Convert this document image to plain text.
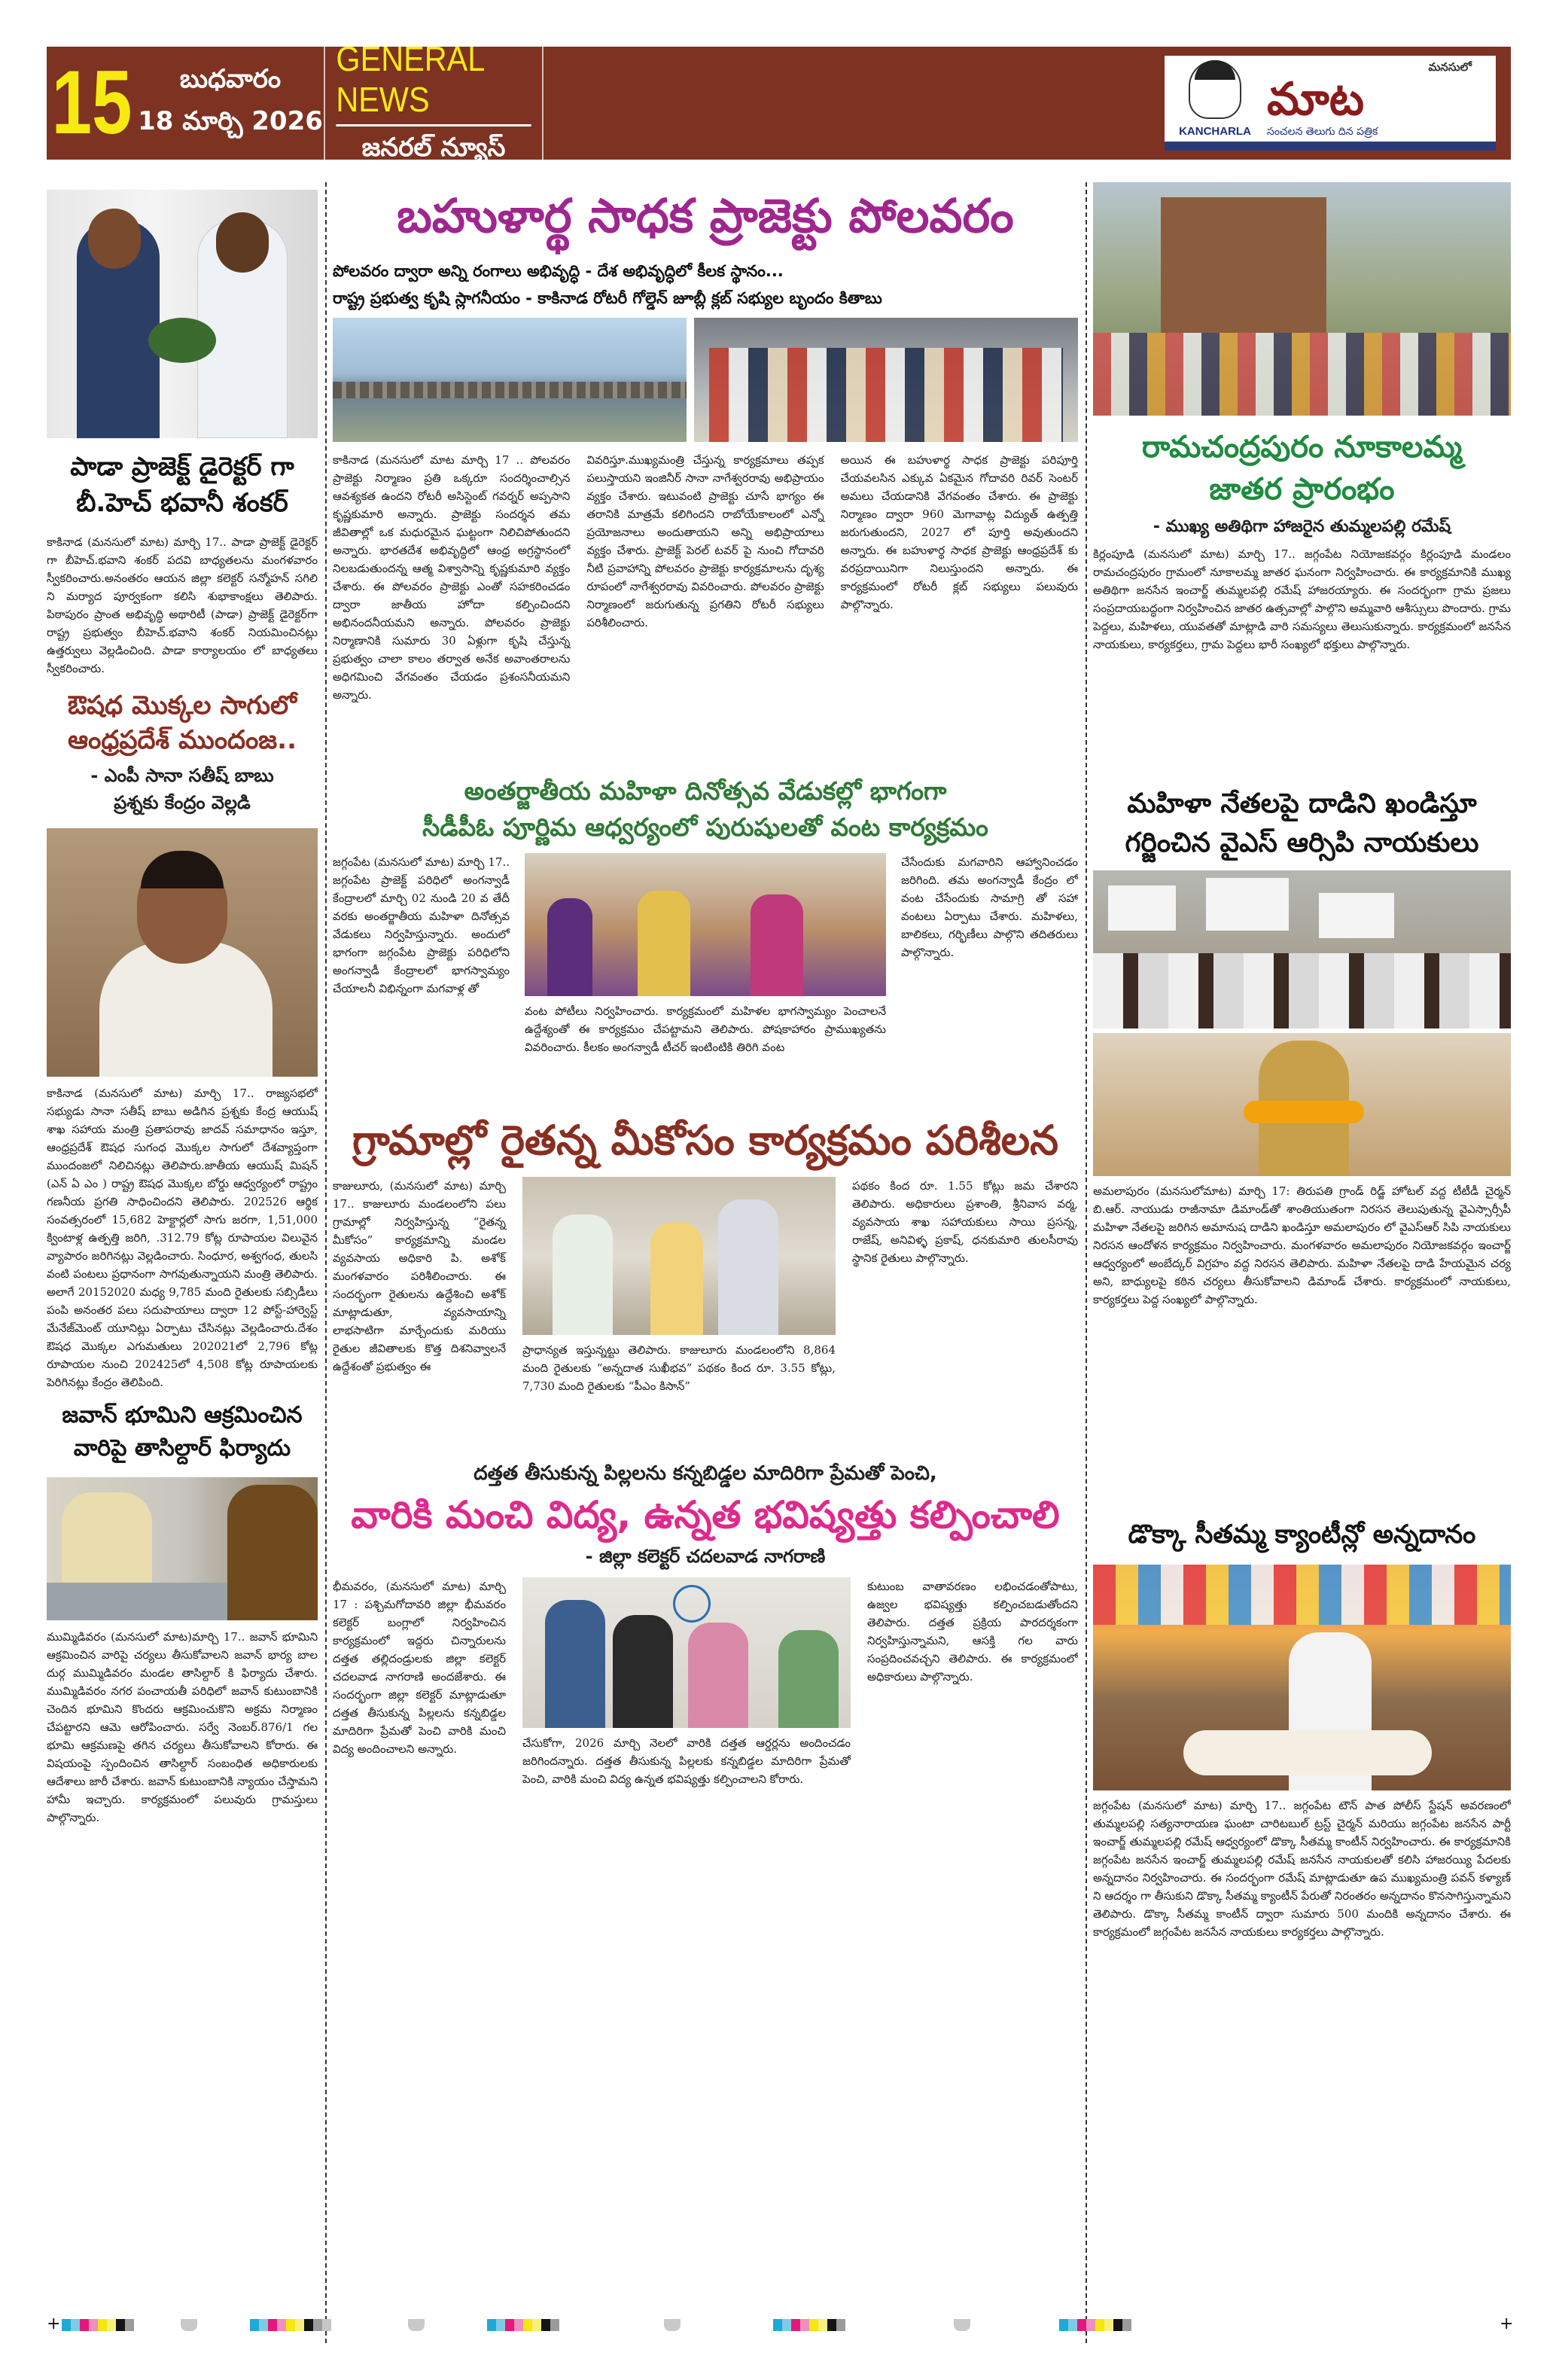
15 బుధవారం
18 మార్చి 2026
GENERAL NEWS
జనరల్ న్యూస్
KANCHARLA
మనసులో
మాట
సంచలన తెలుగు దిన పత్రిక
పాడా ప్రాజెక్ట్ డైరెక్టర్ గా
బీ.హెచ్ భవానీ శంకర్

కాకినాడ (మనసులో మాట) మార్చి 17.. పాడా ప్రాజెక్ట్ డైరెక్టర్ గా బీహెచ్.భవాని శంకర్ పదవి బాధ్యతలను మంగళవారం స్వీకరించారు.అనంతరం ఆయన జిల్లా కలెక్టర్ సన్మోహన్ సగిలి ని మర్యాద పూర్వకంగా కలిసి శుభాకాంక్షలు తెలిపారు. పిఠాపురం ప్రాంత అభివృద్ధి అథారిటీ (పాడా) ప్రాజెక్ట్ డైరెక్టర్‌గా రాష్ట్ర ప్రభుత్వం బీహెచ్.భవాని శంకర్ నియమించినట్లు ఉత్తర్వులు వెల్లడించింది. పాడా కార్యాలయం లో బాధ్యతలు స్వీకరించారు.

ఔషధ మొక్కల సాగులో
ఆంధ్రప్రదేశ్ ముందంజ..
- ఎంపీ సానా సతీష్ బాబు
ప్రశ్నకు కేంద్రం వెల్లడి

కాకినాడ (మనసులో మాట) మార్చి 17.. రాజ్యసభలో సభ్యుడు సానా సతీష్ బాబు అడిగిన ప్రశ్నకు కేంద్ర ఆయుష్ శాఖ సహాయ మంత్రి ప్రతాపరావు జాదవ్ సమాధానం ఇస్తూ, ఆంధ్రప్రదేశ్ ఔషధ సుగంధ మొక్కల సాగులో దేశవ్యాప్తంగా ముందంజలో నిలిచినట్లు తెలిపారు.జాతీయ ఆయుష్ మిషన్ (ఎన్ ఏ ఎం ) రాష్ట్ర ఔషధ మొక్కల బోర్డు ఆధ్వర్యంలో రాష్ట్రం గణనీయ ప్రగతి సాధించిందని తెలిపారు. 202526 ఆర్థిక సంవత్సరంలో 15,682 హెక్టార్లలో సాగు జరగా, 1,51,000 క్వింటాళ్ల ఉత్పత్తి జరిగి, .312.79 కోట్ల రూపాయల విలువైన వ్యాపారం జరిగినట్లు వెల్లడించారు. సింధూర, అశ్వగంధ, తులసి వంటి పంటలు ప్రధానంగా సాగవుతున్నాయని మంత్రి తెలిపారు. అలాగే 20152020 మధ్య 9,785 మంది రైతులకు సబ్సిడీలు పంపి అనంతర పలు సదుపాయాలు ద్వారా 12 పోస్ట్-హార్వెస్ట్ మేనేజ్‌మెంట్ యూనిట్లు ఏర్పాటు చేసినట్లు వెల్లడించారు.దేశం ఔషధ మొక్కల ఎగుమతులు 202021లో 2,796 కోట్ల రూపాయల నుంచి 202425లో 4,508 కోట్ల రూపాయలకు పెరిగినట్లు కేంద్రం తెలిపింది.

జవాన్ భూమిని ఆక్రమించిన
వారిపై తాసిల్దార్ ఫిర్యాదు

ముమ్మిడివరం (మనసులో మాట)మార్చి 17.. జవాన్ భూమిని ఆక్రమించిన వారిపై చర్యలు తీసుకోవాలని జవాన్ భార్య బాల దుర్గ ముమ్మిడివరం మండల తాసిల్దార్ కి ఫిర్యాదు చేశారు. ముమ్మిడివరం నగర పంచాయతీ పరిధిలో జవాన్ కుటుంబానికి చెందిన భూమిని కొందరు ఆక్రమించుకొని అక్రమ నిర్మాణం చేపట్టారని ఆమె ఆరోపించారు. సర్వే నెంబర్.876/1 గల భూమి ఆక్రమణపై తగిన చర్యలు తీసుకోవాలని కోరారు. ఈ విషయంపై స్పందించిన తాసిల్దార్ సంబంధిత అధికారులకు ఆదేశాలు జారీ చేశారు. జవాన్ కుటుంబానికి న్యాయం చేస్తామని హామీ ఇచ్చారు. కార్యక్రమంలో పలువురు గ్రామస్తులు పాల్గొన్నారు.

బహుళార్థ సాధక ప్రాజెక్టు పోలవరం
పోలవరం ద్వారా అన్ని రంగాలు అభివృద్ధి - దేశ అభివృద్ధిలో కీలక స్థానం...
రాష్ట్ర ప్రభుత్వ కృషి స్లాగనీయం - కాకినాడ రోటరీ గోల్డెన్ జూబ్లీ క్లబ్ సభ్యుల బృందం కితాబు

కాకినాడ (మనసులో మాట మార్చి 17 .. పోలవరం ప్రాజెక్టు నిర్మాణం ప్రతి ఒక్కరూ సందర్శించాల్సిన ఆవశ్యకత ఉందని రోటరీ అసిస్టెంట్ గవర్నర్ అప్పసాని కృష్ణకుమారి అన్నారు. ప్రాజెక్టు సందర్శన తమ జీవితాల్లో ఒక మధురమైన ఘట్టంగా నిలిచిపోతుందని అన్నారు. భారతదేశ అభివృద్ధిలో ఆంధ్ర అగ్రస్థానంలో నిలబడుతుందన్న ఆత్మ విశ్వాసాన్ని కృష్ణకుమారి వ్యక్తం చేశారు. ఈ పోలవరం ప్రాజెక్టు ఎంతో సహకరించడం ద్వారా జాతీయ హోదా కల్పించిందని అభినందనీయమని అన్నారు. పోలవరం ప్రాజెక్టు నిర్మాణానికి సుమారు 30 ఏళ్లుగా కృషి చేస్తున్న ప్రభుత్వం చాలా కాలం తర్వాత అనేక అవాంతరాలను అధిగమించి వేగవంతం చేయడం ప్రశంసనీయమని అన్నారు.

వివరిస్తూ.ముఖ్యమంత్రి చేస్తున్న కార్యక్రమాలు తప్పక పలుస్తాయని ఇంజినీర్ సానా నాగేశ్వరరావు అభిప్రాయం వ్యక్తం చేశారు. ఇటువంటి ప్రాజెక్టు చూసే భాగ్యం ఈ తరానికి మాత్రమే కలిగిందని రాబోయేకాలంలో ఎన్నో ప్రయోజనాలు అందుతాయని అన్ని అభిప్రాయాలు వ్యక్తం చేశారు. ప్రాజెక్ట్ పెరల్ టవర్ పై నుంచి గోదావరి నీటి ప్రవాహాన్ని పోలవరం ప్రాజెక్టు కార్యక్రమాలను దృశ్య రూపంలో నాగేశ్వరరావు వివరించారు. పోలవరం ప్రాజెక్టు నిర్మాణంలో జరుగుతున్న ప్రగతిని రోటరీ సభ్యులు పరిశీలించారు.

అయిన ఈ బహుళార్థ సాధక ప్రాజెక్టు పరిపూర్తి చేయవలసిన ఎక్కువ ఏకమైన గోదావరి రివర్ సెంటర్ అమలు చేయడానికి వేగవంతం చేశారు. ఈ ప్రాజెక్టు నిర్మాణం ద్వారా 960 మెగావాట్ల విద్యుత్ ఉత్పత్తి జరుగుతుందని, 2027 లో పూర్తి అవుతుందని అన్నారు. ఈ బహుళార్థ సాధక ప్రాజెక్టు ఆంధ్రప్రదేశ్ కు వరప్రదాయినిగా నిలుస్తుందని అన్నారు. ఈ కార్యక్రమంలో రోటరీ క్లబ్ సభ్యులు పలువురు పాల్గొన్నారు.

అంతర్జాతీయ మహిళా దినోత్సవ వేడుకల్లో భాగంగా
సీడీపీఓ పూర్ణిమ ఆధ్వర్యంలో పురుషులతో వంట కార్యక్రమం

జగ్గంపేట (మనసులో మాట) మార్చి 17.. జగ్గంపేట ప్రాజెక్ట్ పరిధిలో అంగన్వాడీ కేంద్రాలలో మార్చి 02 నుండి 20 వ తేదీ వరకు అంతర్జాతీయ మహిళా దినోత్సవ వేడుకలు నిర్వహిస్తున్నారు. అందులో భాగంగా జగ్గంపేట ప్రాజెక్టు పరిధిలోని అంగన్వాడీ కేంద్రాలలో భాగస్వామ్యం చేయాలనీ విభిన్నంగా మగవాళ్ల తో

వంట పోటీలు నిర్వహించారు. కార్యక్రమంలో మహిళల భాగస్వామ్యం పెంచాలనే ఉద్దేశ్యంతో ఈ కార్యక్రమం చేపట్టామని తెలిపారు. పోషకాహారం ప్రాముఖ్యతను వివరించారు. కీలకం అంగన్వాడీ టీచర్ ఇంటింటికి తిరిగి వంట

చేసేందుకు మగవారిని ఆహ్వానించడం జరిగింది. తమ అంగన్వాడీ కేంద్రం లో వంట చేసేందుకు సామాగ్రి తో సహా వంటలు ఏర్పాటు చేశారు. మహిళలు, బాలికలు, గర్భిణీలు పాల్గొని తదితరులు పాల్గొన్నారు.

గ్రామాల్లో రైతన్న మీకోసం కార్యక్రమం పరిశీలన

కాజులూరు, (మనసులో మాట) మార్చి 17.. కాజులూరు మండలంలోని పలు గ్రామాల్లో నిర్వహిస్తున్న “రైతన్న మీకోసం” కార్యక్రమాన్ని మండల వ్యవసాయ అధికారి పి. అశోక్ మంగళవారం పరిశీలించారు. ఈ సందర్భంగా రైతులను ఉద్దేశించి అశోక్ మాట్లాడుతూ, వ్యవసాయాన్ని లాభసాటిగా మార్చేందుకు మరియు రైతుల జీవితాలకు కొత్త దిశనివ్వాలనే ఉద్దేశంతో ప్రభుత్వం ఈ

ప్రాధాన్యత ఇస్తున్నట్టు తెలిపారు. కాజులూరు మండలంలోని 8,864 మంది రైతులకు “అన్నదాత సుఖీభవ” పథకం కింద రూ. 3.55 కోట్లు, 7,730 మంది రైతులకు “పీఎం కిసాన్”

పథకం కింద రూ. 1.55 కోట్లు జమ చేశారని తెలిపారు. అధికారులు ప్రశాంతి, శ్రీనివాస వర్మ, వ్యవసాయ శాఖ సహాయకులు సాయి ప్రసన్న, రాజేష్, అనివిళ్ళ ప్రకాష్, ధనకుమారి తులసీరావు స్థానిక రైతులు పాల్గొన్నారు.

దత్తత తీసుకున్న పిల్లలను కన్నబిడ్డల మాదిరిగా ప్రేమతో పెంచి,
వారికి మంచి విద్య, ఉన్నత భవిష్యత్తు కల్పించాలి
- జిల్లా కలెక్టర్ చదలవాడ నాగరాణి

భీమవరం, (మనసులో మాట) మార్చి 17 : పశ్చిమగోదావరి జిల్లా భీమవరం కలెక్టర్ బంగ్లాలో నిర్వహించిన కార్యక్రమంలో ఇద్దరు చిన్నారులను దత్తత తల్లిదండ్రులకు జిల్లా కలెక్టర్ చదలవాడ నాగరాణి అందజేశారు. ఈ సందర్భంగా జిల్లా కలెక్టర్ మాట్లాడుతూ దత్తత తీసుకున్న పిల్లలను కన్నబిడ్డల మాదిరిగా ప్రేమతో పెంచి వారికి మంచి విద్య అందించాలని అన్నారు.	చేసుకోగా, 2026 మార్చి నెలలో వారికి దత్తత ఆర్డర్లను అందించడం జరిగిందన్నారు. దత్తత తీసుకున్న పిల్లలకు కన్నబిడ్డల మాదిరిగా ప్రేమతో పెంచి, వారికి మంచి విద్య ఉన్నత భవిష్యత్తు కల్పించాలని కోరారు.

కుటుంబ వాతావరణం లభించడంతోపాటు, ఉజ్వల భవిష్యత్తు కల్పించబడుతోందని తెలిపారు. దత్తత ప్రక్రియ పారదర్శకంగా నిర్వహిస్తున్నామని, ఆసక్తి గల వారు సంప్రదించవచ్చని తెలిపారు. ఈ కార్యక్రమంలో అధికారులు పాల్గొన్నారు.

రామచంద్రపురం నూకాలమ్మ
జాతర ప్రారంభం
- ముఖ్య అతిథిగా హాజరైన తుమ్మలపల్లి రమేష్

కిర్లంపూడి (మనసులో మాట) మార్చి 17.. జగ్గంపేట నియోజకవర్గం కిర్లంపూడి మండలం రామచంద్రపురం గ్రామంలో నూకాలమ్మ జాతర ఘనంగా నిర్వహించారు. ఈ కార్యక్రమానికి ముఖ్య అతిథిగా జనసేన ఇంచార్జ్ తుమ్మలపల్లి రమేష్ హాజరయ్యారు. ఈ సందర్భంగా గ్రామ ప్రజలు సంప్రదాయబద్ధంగా నిర్వహించిన జాతర ఉత్సవాల్లో పాల్గొని అమ్మవారి ఆశీస్సులు పొందారు. గ్రామ పెద్దలు, మహిళలు, యువతతో మాట్లాడి వారి సమస్యలు తెలుసుకున్నారు. కార్యక్రమంలో జనసేన నాయకులు, కార్యకర్తలు, గ్రామ పెద్దలు భారీ సంఖ్యలో భక్తులు పాల్గొన్నారు.

మహిళా నేతలపై దాడిని ఖండిస్తూ
గర్జించిన వైఎస్ ఆర్సిపి నాయకులు

అమలాపురం (మనసులోమాట) మార్చి 17: తిరుపతి గ్రాండ్ రిడ్జ్ హోటల్ వద్ద టీటీడీ చైర్మన్ బి.ఆర్. నాయుడు రాజీనామా డిమాండ్‌తో శాంతియుతంగా నిరసన తెలుపుతున్న వైఎస్సార్సీపీ మహిళా నేతలపై జరిగిన అమానుష దాడిని ఖండిస్తూ అమలాపురం లో వైఎస్ఆర్ సిపి నాయకులు నిరసన ఆందోళన కార్యక్రమం నిర్వహించారు. మంగళవారం అమలాపురం నియోజకవర్గం ఇంచార్జ్ ఆధ్వర్యంలో అంబేద్కర్ విగ్రహం వద్ద నిరసన తెలిపారు. మహిళా నేతలపై దాడి హేయమైన చర్య అని, బాధ్యులపై కఠిన చర్యలు తీసుకోవాలని డిమాండ్ చేశారు. కార్యక్రమంలో నాయకులు, కార్యకర్తలు పెద్ద సంఖ్యలో పాల్గొన్నారు.

డొక్కా సీతమ్మ క్యాంటీన్లో అన్నదానం

జగ్గంపేట (మనసులో మాట) మార్చి 17.. జగ్గంపేట టౌన్ పాత పోలీస్ స్టేషన్ అవరణంలో తుమ్మలపల్లి సత్యనారాయణ ఘంటా చారిటబుల్ ట్రస్ట్ చైర్మన్ మరియు జగ్గంపేట జనసేన పార్టీ ఇంచార్జ్ తుమ్మలపల్లి రమేష్ ఆధ్వర్యంలో డొక్కా సీతమ్మ కాంటీన్ నిర్వహించారు. ఈ కార్యక్రమానికి జగ్గంపేట జనసేన ఇంచార్జ్ తుమ్మలపల్లి రమేష్ జనసేన నాయకులతో కలిసి హాజరయ్యి పేదలకు అన్నదానం నిర్వహించారు. ఈ సందర్భంగా రమేష్ మాట్లాడుతూ ఉప ముఖ్యమంత్రి పవన్ కళ్యాణ్ ని ఆదర్శం గా తీసుకుని డొక్కా సీతమ్మ క్యాంటీన్ పేరుతో నిరంతరం అన్నదానం కొనసాగిస్తున్నామని తెలిపారు. డొక్కా సీతమ్మ కాంటీన్ ద్వారా సుమారు 500 మందికి అన్నదానం చేశారు. ఈ కార్యక్రమంలో జగ్గంపేట జనసేన నాయకులు కార్యకర్తలు పాల్గొన్నారు.

+	+
